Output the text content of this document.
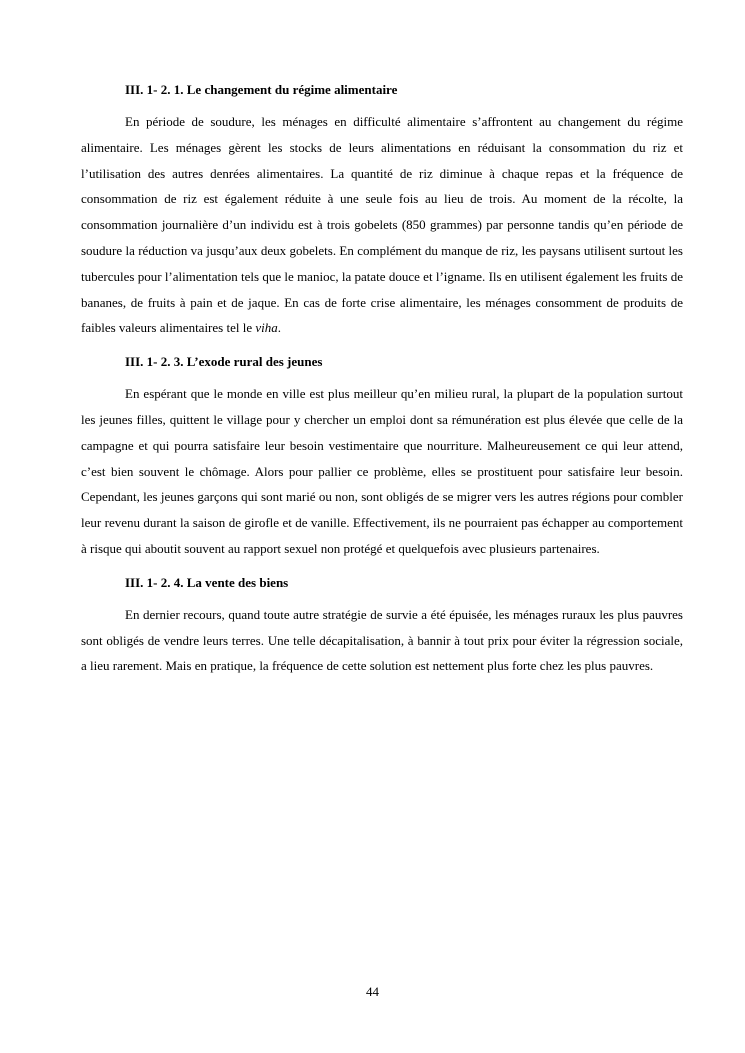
III. 1- 2. 1. Le changement du régime alimentaire

En période de soudure, les ménages en difficulté alimentaire s’affrontent au changement du régime alimentaire. Les ménages gèrent les stocks de leurs alimentations en réduisant la consommation du riz et l’utilisation des autres denrées alimentaires. La quantité de riz diminue à chaque repas et la fréquence de consommation de riz est également réduite à une seule fois au lieu de trois. Au moment de la récolte, la consommation journalière d’un individu est à trois gobelets (850 grammes) par personne tandis qu’en période de soudure la réduction va jusqu’aux deux gobelets. En complément du manque de riz, les paysans utilisent surtout les tubercules pour l’alimentation tels que le manioc, la patate douce et l’igname. Ils en utilisent également les fruits de bananes, de fruits à pain et de jaque. En cas de forte crise alimentaire, les ménages consomment de produits de faibles valeurs alimentaires tel le viha.

III. 1- 2. 3. L’exode rural des jeunes

En espérant que le monde en ville est plus meilleur qu’en milieu rural, la plupart de la population surtout les jeunes filles, quittent le village pour y chercher un emploi dont sa rémunération est plus élevée que celle de la campagne et qui pourra satisfaire leur besoin vestimentaire que nourriture. Malheureusement ce qui leur attend, c’est bien souvent le chômage. Alors pour pallier ce problème, elles se prostituent pour satisfaire leur besoin. Cependant, les jeunes garçons qui sont marié ou non, sont obligés de se migrer vers les autres régions pour combler leur revenu durant la saison de girofle et de vanille. Effectivement, ils ne pourraient pas échapper au comportement à risque qui aboutit souvent au rapport sexuel non protégé et quelquefois avec plusieurs partenaires.

III. 1- 2. 4. La vente des biens

En dernier recours, quand toute autre stratégie de survie a été épuisée, les ménages ruraux les plus pauvres sont obligés de vendre leurs terres. Une telle décapitalisation, à bannir à tout prix pour éviter la régression sociale, a lieu rarement. Mais en pratique, la fréquence de cette solution est nettement plus forte chez les plus pauvres.

44
